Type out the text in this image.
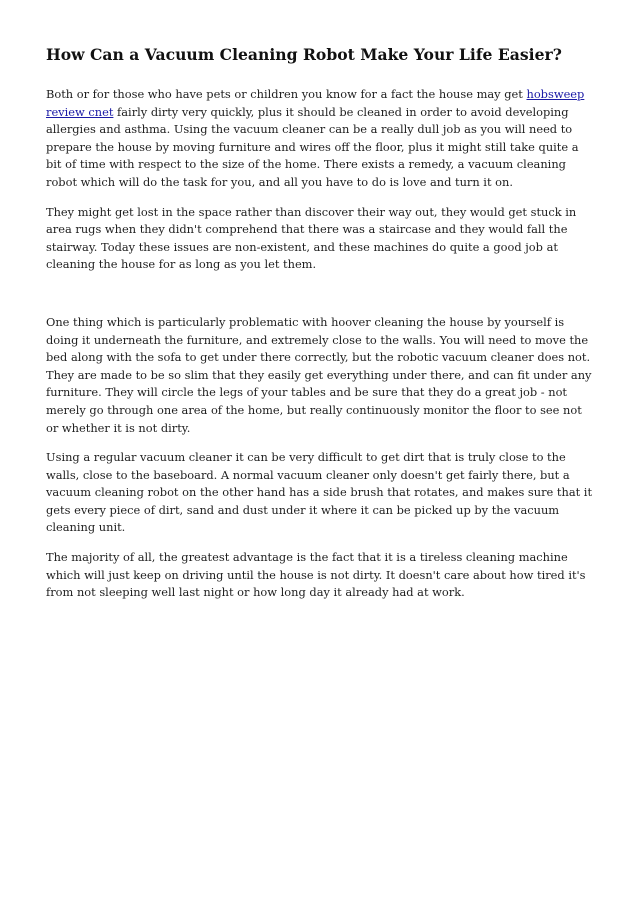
How Can a Vacuum Cleaning Robot Make Your Life Easier?

Both or for those who have pets or children you know for a fact the house may get hobsweep review cnet fairly dirty very quickly, plus it should be cleaned in order to avoid developing allergies and asthma. Using the vacuum cleaner can be a really dull job as you will need to prepare the house by moving furniture and wires off the floor, plus it might still take quite a bit of time with respect to the size of the home. There exists a remedy, a vacuum cleaning robot which will do the task for you, and all you have to do is love and turn it on.

They might get lost in the space rather than discover their way out, they would get stuck in area rugs when they didn't comprehend that there was a staircase and they would fall the stairway. Today these issues are non-existent, and these machines do quite a good job at cleaning the house for as long as you let them.

One thing which is particularly problematic with hoover cleaning the house by yourself is doing it underneath the furniture, and extremely close to the walls. You will need to move the bed along with the sofa to get under there correctly, but the robotic vacuum cleaner does not. They are made to be so slim that they easily get everything under there, and can fit under any furniture. They will circle the legs of your tables and be sure that they do a great job - not merely go through one area of the home, but really continuously monitor the floor to see not or whether it is not dirty.

Using a regular vacuum cleaner it can be very difficult to get dirt that is truly close to the walls, close to the baseboard. A normal vacuum cleaner only doesn't get fairly there, but a vacuum cleaning robot on the other hand has a side brush that rotates, and makes sure that it gets every piece of dirt, sand and dust under it where it can be picked up by the vacuum cleaning unit.

The majority of all, the greatest advantage is the fact that it is a tireless cleaning machine which will just keep on driving until the house is not dirty. It doesn't care about how tired it's from not sleeping well last night or how long day it already had at work.
